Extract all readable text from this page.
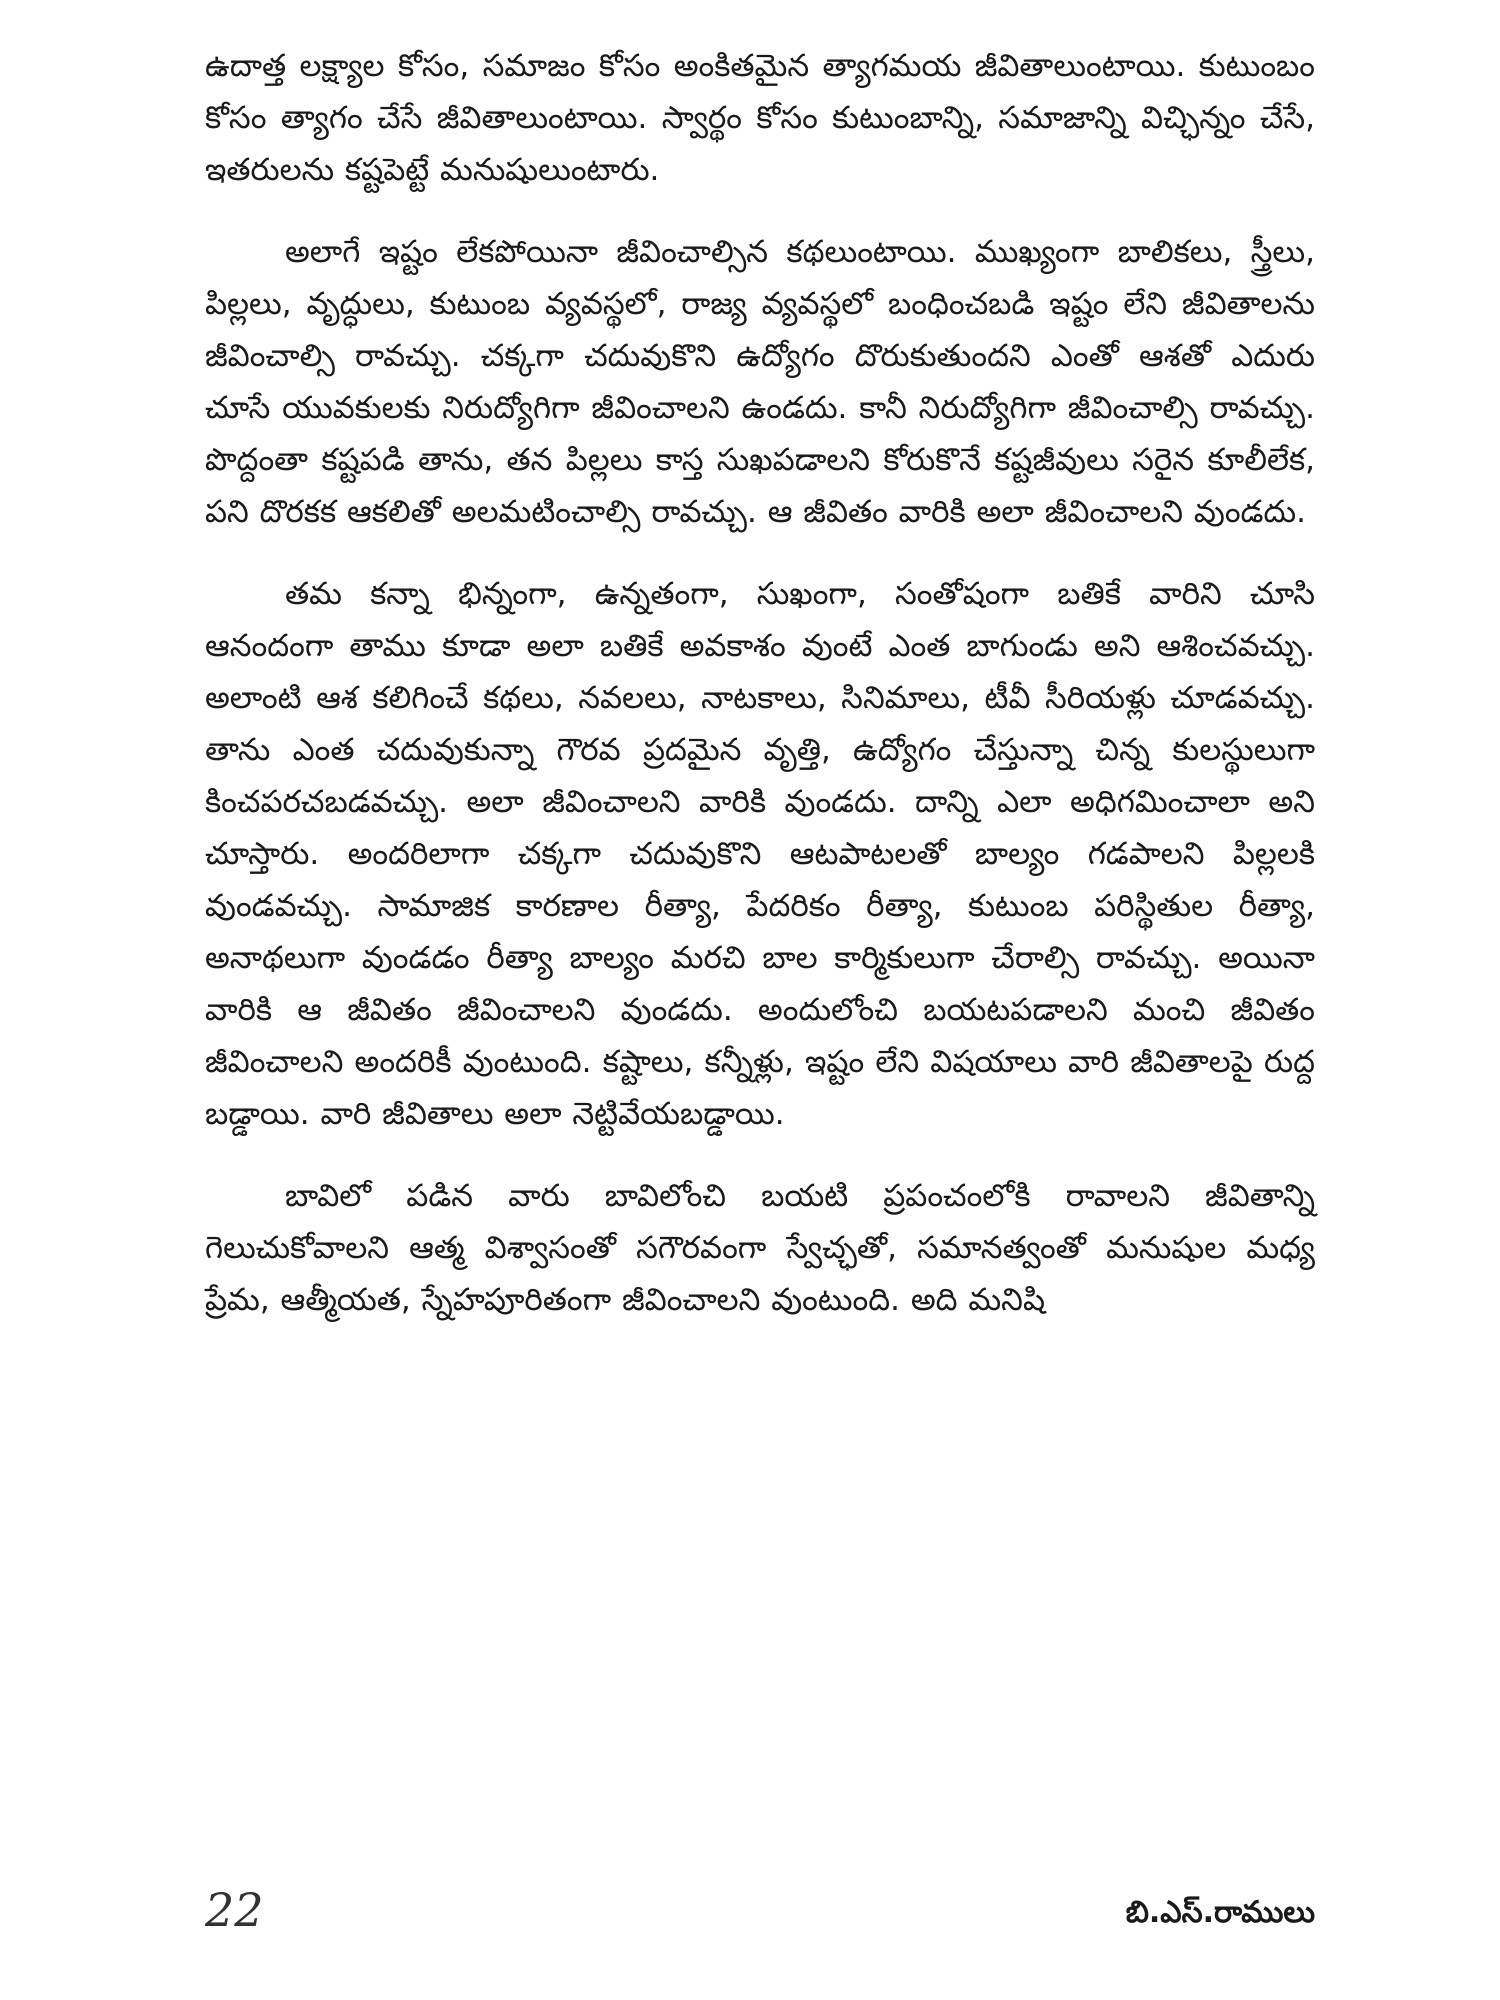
ఉదాత్త లక్ష్యాల కోసం, సమాజం కోసం అంకితమైన త్యాగమయ జీవితాలుంటాయి. కుటుంబం కోసం త్యాగం చేసే జీవితాలుంటాయి. స్వార్థం కోసం కుటుంబాన్ని, సమాజాన్ని విచ్ఛిన్నం చేసే, ఇతరులను కష్టపెట్టే మనుషులుంటారు.

అలాగే ఇష్టం లేకపోయినా జీవించాల్సిన కథలుంటాయి. ముఖ్యంగా బాలికలు, స్త్రీలు, పిల్లలు, వృద్ధులు, కుటుంబ వ్యవస్థలో, రాజ్య వ్యవస్థలో బంధించబడి ఇష్టం లేని జీవితాలను జీవించాల్సి రావచ్చు. చక్కగా చదువుకొని ఉద్యోగం దొరుకుతుందని ఎంతో ఆశతో ఎదురు చూసే యువకులకు నిరుద్యోగిగా జీవించాలని ఉండదు. కానీ నిరుద్యోగిగా జీవించాల్సి రావచ్చు. పొద్దంతా కష్టపడి తాను, తన పిల్లలు కాస్త సుఖపడాలని కోరుకొనే కష్టజీవులు సరైన కూలీలేక, పని దొరకక ఆకలితో అలమటించాల్సి రావచ్చు. ఆ జీవితం వారికి అలా జీవించాలని వుండదు.

తమ కన్నా భిన్నంగా, ఉన్నతంగా, సుఖంగా, సంతోషంగా బతికే వారిని చూసి ఆనందంగా తాము కూడా అలా బతికే అవకాశం వుంటే ఎంత బాగుండు అని ఆశించవచ్చు. అలాంటి ఆశ కలిగించే కథలు, నవలలు, నాటకాలు, సినిమాలు, టీవీ సీరియళ్లు చూడవచ్చు. తాను ఎంత చదువుకున్నా గౌరవ ప్రదమైన వృత్తి, ఉద్యోగం చేస్తున్నా చిన్న కులస్థులుగా కించపరచబడవచ్చు. అలా జీవించాలని వారికి వుండదు. దాన్ని ఎలా అధిగమించాలా అని చూస్తారు. అందరిలాగా చక్కగా చదువుకొని ఆటపాటలతో బాల్యం గడపాలని పిల్లలకి వుండవచ్చు. సామాజిక కారణాల రీత్యా, పేదరికం రీత్యా, కుటుంబ పరిస్థితుల రీత్యా, అనాథలుగా వుండడం రీత్యా బాల్యం మరచి బాల కార్మికులుగా చేరాల్సి రావచ్చు. అయినా వారికి ఆ జీవితం జీవించాలని వుండదు. అందులోంచి బయటపడాలని మంచి జీవితం జీవించాలని అందరికీ వుంటుంది. కష్టాలు, కన్నీళ్లు, ఇష్టం లేని విషయాలు వారి జీవితాలపై రుద్ద బడ్డాయి. వారి జీవితాలు అలా నెట్టివేయబడ్డాయి.

బావిలో పడిన వారు బావిలోంచి బయటి ప్రపంచంలోకి రావాలని జీవితాన్ని గెలుచుకోవాలని ఆత్మ విశ్వాసంతో సగౌరవంగా స్వేచ్ఛతో, సమానత్వంతో మనుషుల మధ్య ప్రేమ, ఆత్మీయత, స్నేహపూరితంగా జీవించాలని వుంటుంది. అది మనిషి

22	బి.ఎస్.రాములు
